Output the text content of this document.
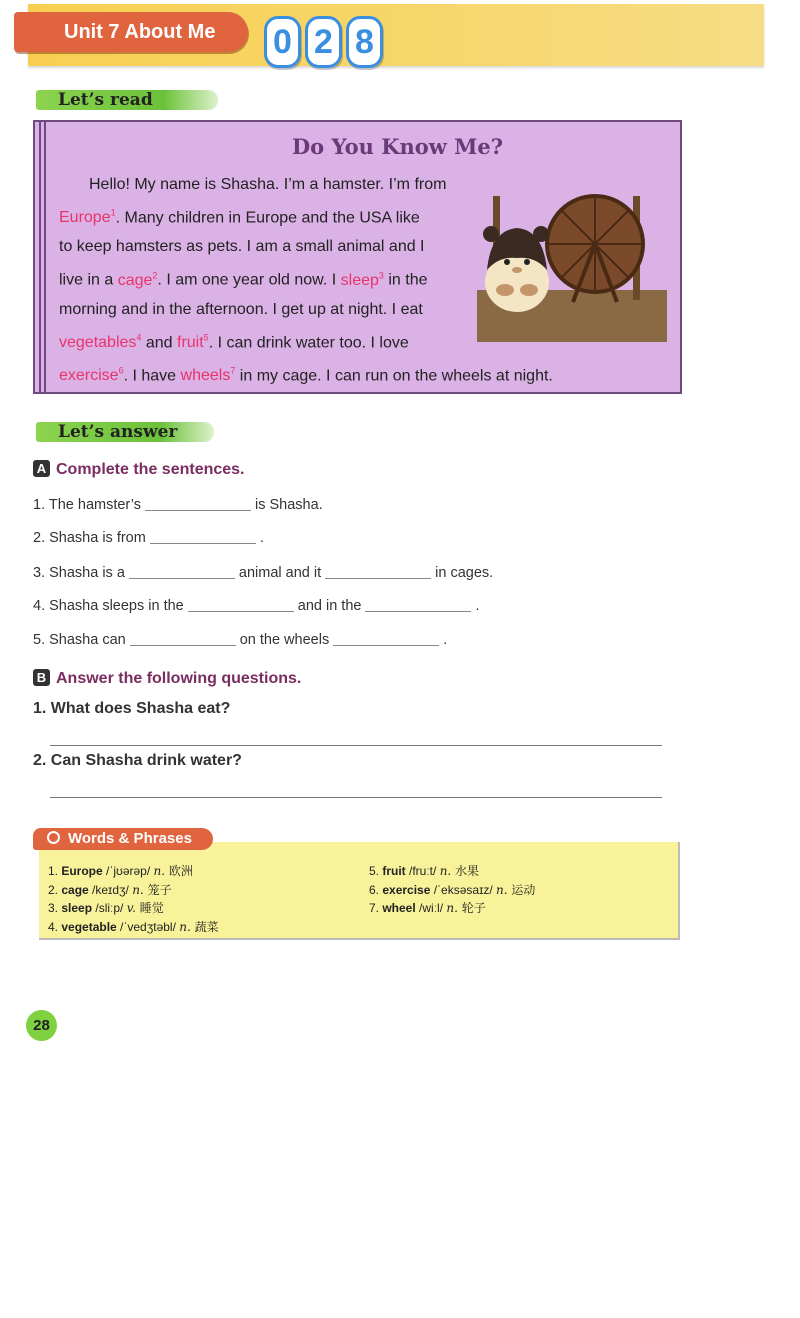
Unit 7 About Me	0 2 8
Let’s read
Do You Know Me?
Hello! My name is Shasha. I’m a hamster. I’m from
Europe$^1$. Many children in Europe and the USA like
to keep hamsters as pets. I am a small animal and I
live in a cage$^2$. I am one year old now. I sleep$^3$ in the
morning and in the afternoon. I get up at night. I eat
vegetables$^4$ and fruit$^5$. I can drink water too. I love
exercise$^6$. I have wheels$^7$ in my cage. I can run on the wheels at night.
Let’s answer
A Complete the sentences.
1. The hamster’s	is Shasha.
2. Shasha is from	.
3. Shasha is a	animal and it	in cages.
4. Shasha sleeps in the	and in the	.
5. Shasha can	on the wheels	.
B Answer the following questions.
1. What does Shasha eat?
2. Can Shasha drink water?
Words & Phrases
1. Europe /ˈjʊərəp/ n. 欧洲
2. cage /keɪdʒ/ n. 笼子
3. sleep /sliːp/ v. 睡觉
4. vegetable /ˈvedʒtəbl/ n. 蔬菜
5. fruit /fruːt/ n. 水果
6. exercise /ˈeksəsaɪz/ n. 运动
7. wheel /wiːl/ n. 轮子
28
